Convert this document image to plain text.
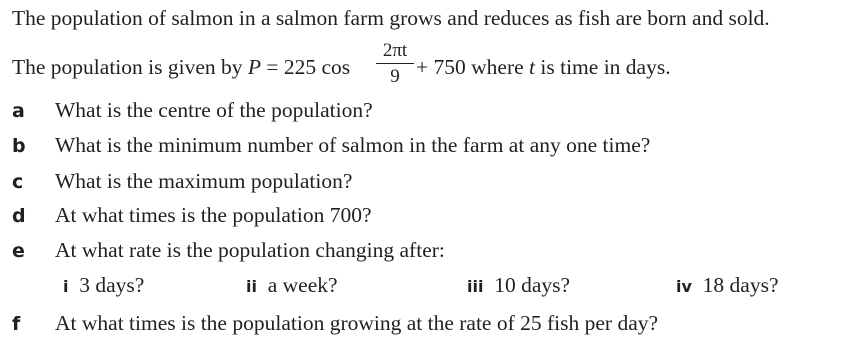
The population of salmon in a salmon farm grows and reduces as fish are born and sold.
The population is given by P = 225 cos
2πt
9 + 750 where t is time in days.
a What is the centre of the population?
b What is the minimum number of salmon in the farm at any one time?
c What is the maximum population?
d At what times is the population 700?
e At what rate is the population changing after:
i 3 days?	ii a week?	iii 10 days?	iv 18 days?
f At what times is the population growing at the rate of 25 fish per day?
